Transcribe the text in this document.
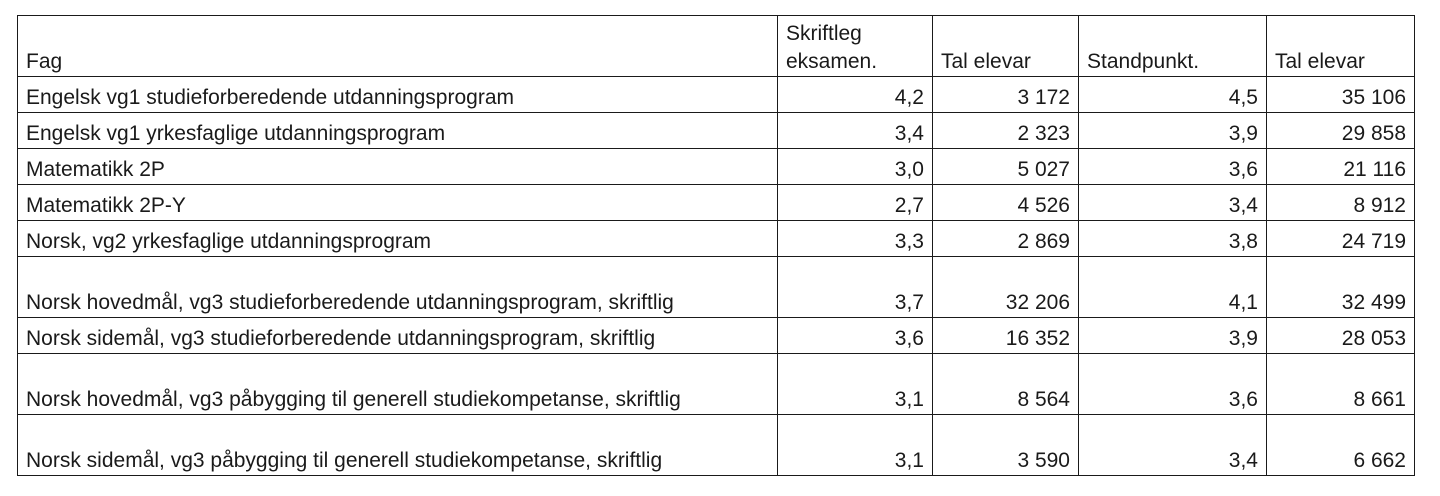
Fag	Skriftleg eksamen.	Tal elevar	Standpunkt.	Tal elevar
Engelsk vg1 studieforberedende utdanningsprogram	4,2	3 172	4,5	35 106
Engelsk vg1 yrkesfaglige utdanningsprogram	3,4	2 323	3,9	29 858
Matematikk 2P	3,0	5 027	3,6	21 116
Matematikk 2P-Y	2,7	4 526	3,4	8 912
Norsk, vg2 yrkesfaglige utdanningsprogram	3,3	2 869	3,8	24 719
Norsk hovedmål, vg3 studieforberedende utdanningsprogram, skriftlig	3,7	32 206	4,1	32 499
Norsk sidemål, vg3 studieforberedende utdanningsprogram, skriftlig	3,6	16 352	3,9	28 053
Norsk hovedmål, vg3 påbygging til generell studiekompetanse, skriftlig	3,1	8 564	3,6	8 661
Norsk sidemål, vg3 påbygging til generell studiekompetanse, skriftlig	3,1	3 590	3,4	6 662
